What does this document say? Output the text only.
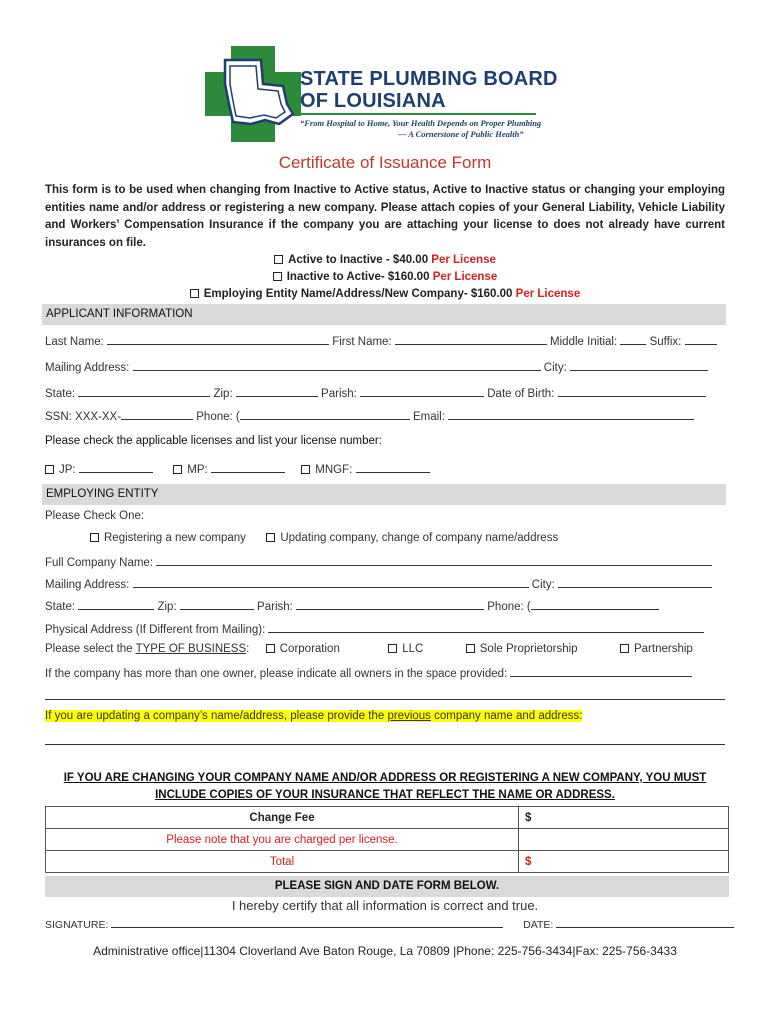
STATE PLUMBING BOARD
OF LOUISIANA
“From Hospital to Home, Your Health Depends on Proper Plumbing
— A Cornerstone of Public Health”
Certificate of Issuance Form
This form is to be used when changing from Inactive to Active status, Active to Inactive status or changing your employing entities name and/or address or registering a new company. Please attach copies of your General Liability, Vehicle Liability and Workers’ Compensation Insurance if the company you are attaching your license to does not already have current insurances on file.
Active to Inactive - $40.00 Per License
Inactive to Active- $160.00 Per License
Employing Entity Name/Address/New Company- $160.00 Per License
APPLICANT INFORMATION
Last Name:	First Name:	Middle Initial:	Suffix:
Mailing Address:	City:
State:	Zip:	Parish:	Date of Birth:
SSN: XXX-XX-	Phone: (	Email:
Please check the applicable licenses and list your license number:
JP:	MP:	MNGF:
EMPLOYING ENTITY
Please Check One:
Registering a new company	Updating company, change of company name/address
Full Company Name:
Mailing Address:	City:
State:	Zip:	Parish:	Phone: (
Physical Address (If Different from Mailing):
Please select the TYPE OF BUSINESS:  Corporation	LLC	Sole Proprietorship	Partnership
If the company has more than one owner, please indicate all owners in the space provided:
If you are updating a company’s name/address, please provide the previous company name and address:
IF YOU ARE CHANGING YOUR COMPANY NAME AND/OR ADDRESS OR REGISTERING A NEW COMPANY, YOU MUST
INCLUDE COPIES OF YOUR INSURANCE THAT REFLECT THE NAME OR ADDRESS.
Change Fee	$
Please note that you are charged per license.	
Total	$
PLEASE SIGN AND DATE FORM BELOW.
I hereby certify that all information is correct and true.
SIGNATURE:	DATE:
Administrative office|11304 Cloverland Ave Baton Rouge, La 70809 |Phone: 225-756-3434|Fax: 225-756-3433
